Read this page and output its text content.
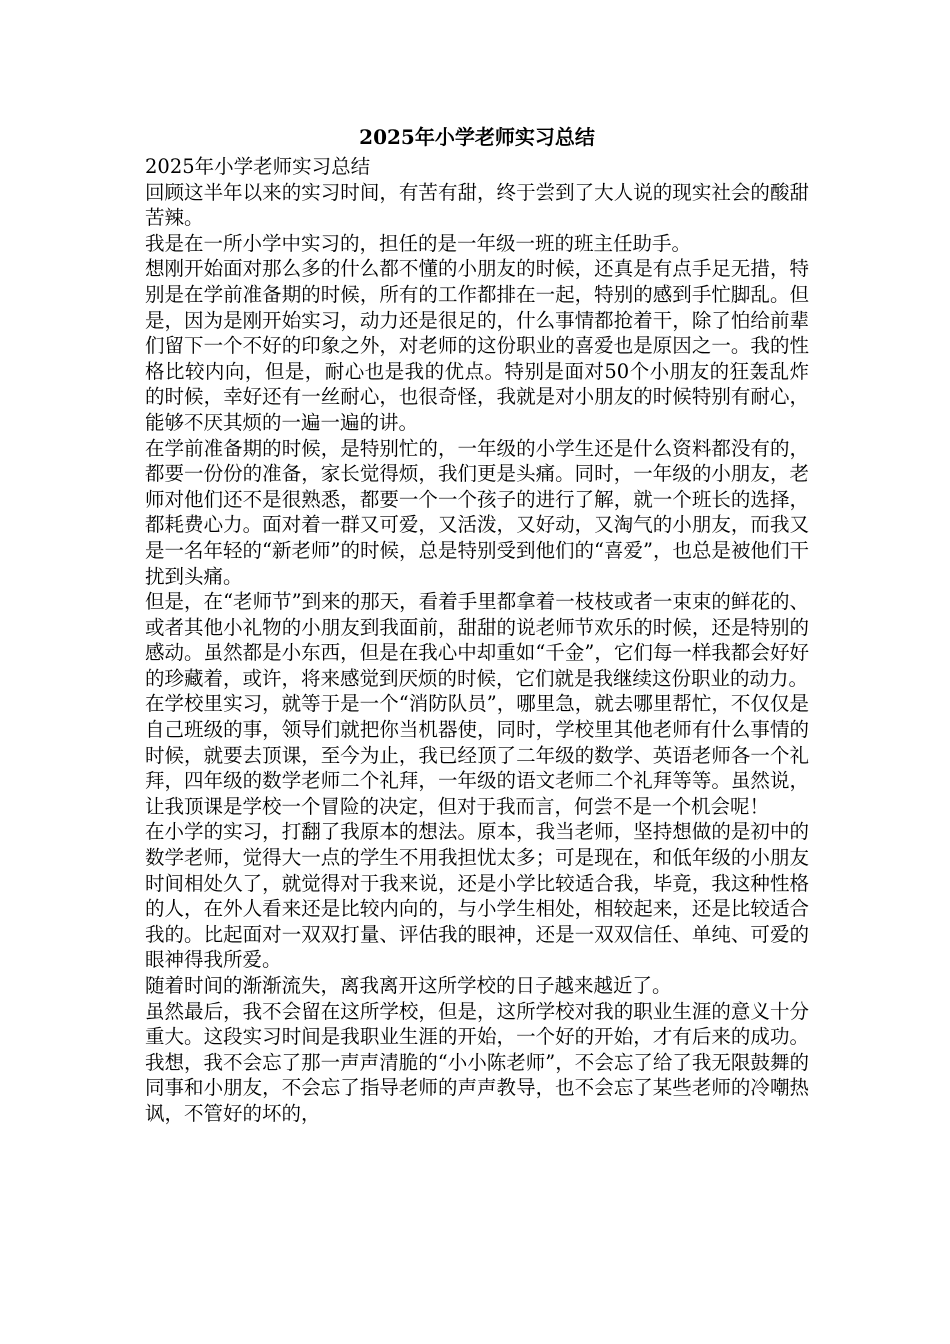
2025年小学老师实习总结

2025年小学老师实习总结

回顾这半年以来的实习时间，有苦有甜，终于尝到了大人说的现实社会的酸甜苦辣。

我是在一所小学中实习的，担任的是一年级一班的班主任助手。

想刚开始面对那么多的什么都不懂的小朋友的时候，还真是有点手足无措，特别是在学前准备期的时候，所有的工作都排在一起，特别的感到手忙脚乱。但是，因为是刚开始实习，动力还是很足的，什么事情都抢着干，除了怕给前辈们留下一个不好的印象之外，对老师的这份职业的喜爱也是原因之一。我的性格比较内向，但是，耐心也是我的优点。特别是面对50个小朋友的狂轰乱炸的时候，幸好还有一丝耐心，也很奇怪，我就是对小朋友的时候特别有耐心，能够不厌其烦的一遍一遍的讲。

在学前准备期的时候，是特别忙的，一年级的小学生还是什么资料都没有的，都要一份份的准备，家长觉得烦，我们更是头痛。同时，一年级的小朋友，老师对他们还不是很熟悉，都要一个一个孩子的进行了解，就一个班长的选择，都耗费心力。面对着一群又可爱，又活泼，又好动，又淘气的小朋友，而我又是一名年轻的“新老师”的时候，总是特别受到他们的“喜爱”，也总是被他们干扰到头痛。

但是，在“老师节”到来的那天，看着手里都拿着一枝枝或者一束束的鲜花的、或者其他小礼物的小朋友到我面前，甜甜的说老师节欢乐的时候，还是特别的感动。虽然都是小东西，但是在我心中却重如“千金”，它们每一样我都会好好的珍藏着，或许，将来感觉到厌烦的时候，它们就是我继续这份职业的动力。

在学校里实习，就等于是一个“消防队员”，哪里急，就去哪里帮忙，不仅仅是自己班级的事，领导们就把你当机器使，同时，学校里其他老师有什么事情的时候，就要去顶课，至今为止，我已经顶了二年级的数学、英语老师各一个礼拜，四年级的数学老师二个礼拜，一年级的语文老师二个礼拜等等。虽然说，让我顶课是学校一个冒险的决定，但对于我而言，何尝不是一个机会呢！

在小学的实习，打翻了我原本的想法。原本，我当老师，坚持想做的是初中的数学老师，觉得大一点的学生不用我担忧太多；可是现在，和低年级的小朋友时间相处久了，就觉得对于我来说，还是小学比较适合我，毕竟，我这种性格的人，在外人看来还是比较内向的，与小学生相处，相较起来，还是比较适合我的。比起面对一双双打量、评估我的眼神，还是一双双信任、单纯、可爱的眼神得我所爱。

随着时间的渐渐流失，离我离开这所学校的日子越来越近了。

虽然最后，我不会留在这所学校，但是，这所学校对我的职业生涯的意义十分重大。这段实习时间是我职业生涯的开始，一个好的开始，才有后来的成功。我想，我不会忘了那一声声清脆的“小小陈老师”，不会忘了给了我无限鼓舞的同事和小朋友，不会忘了指导老师的声声教导，也不会忘了某些老师的冷嘲热讽，不管好的坏的，
